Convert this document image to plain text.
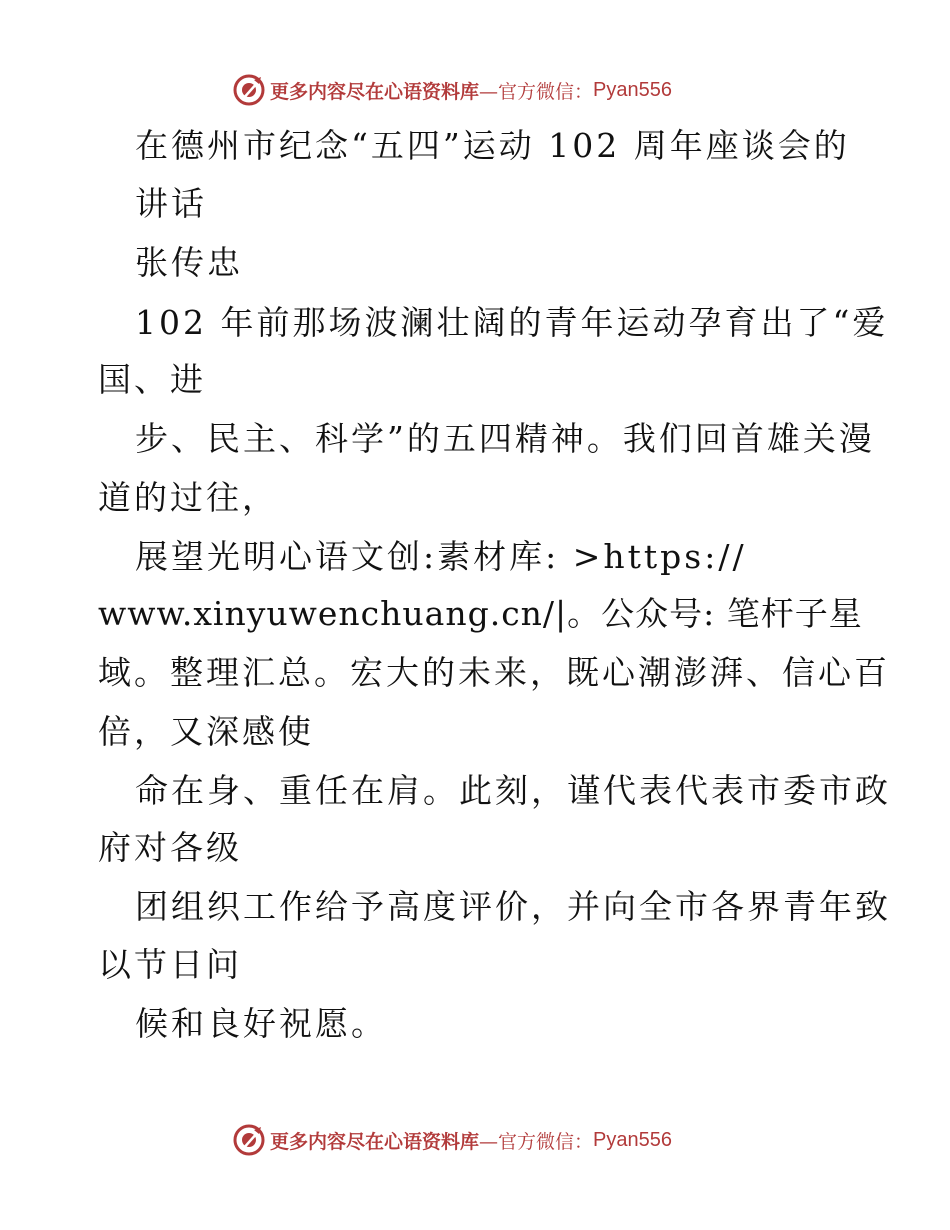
更多内容尽在心语资料库 —官方微信： Pyan556
在德州市纪念“五四”运动 102 周年座谈会的
讲话
张传忠
102 年前那场波澜壮阔的青年运动孕育出了“爱
国、进
步、民主、科学”的五四精神。我们回首雄关漫
道的过往，
展望光明心语文创:素材库: >https://
www.xinyuwenchuang.cn/|。公众号: 笔杆子星
域。整理汇总。宏大的未来，既心潮澎湃、信心百
倍，又深感使
命在身、重任在肩。此刻，谨代表代表市委市政
府对各级
团组织工作给予高度评价，并向全市各界青年致
以节日问
候和良好祝愿。
更多内容尽在心语资料库 —官方微信： Pyan556
